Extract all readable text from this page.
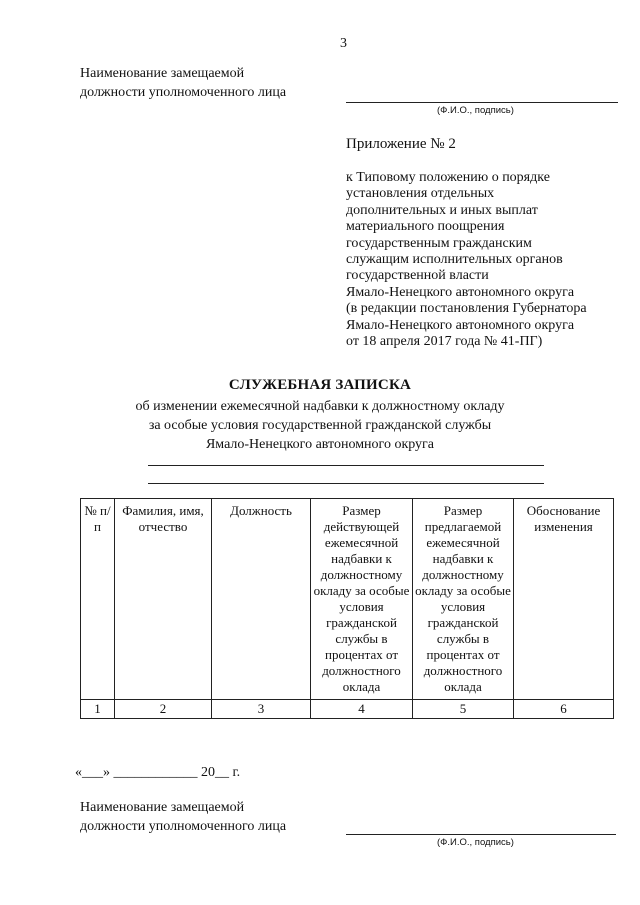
3
Наименование замещаемой
должности уполномоченного лица
(Ф.И.О., подпись)
Приложение № 2
к Типовому положению о порядке
установления отдельных
дополнительных и иных выплат
материального поощрения
государственным гражданским
служащим исполнительных органов
государственной власти
Ямало-Ненецкого автономного округа
(в редакции постановления Губернатора
Ямало-Ненецкого автономного округа
от 18 апреля 2017 года № 41-ПГ)
СЛУЖЕБНАЯ ЗАПИСКА
об изменении ежемесячной надбавки к должностному окладу
за особые условия государственной гражданской службы
Ямало-Ненецкого автономного округа
№ п/п	Фамилия, имя, отчество	Должность	Размер действующей ежемесячной надбавки к должностному окладу за особые условия гражданской службы в процентах от должностного оклада	Размер предлагаемой ежемесячной надбавки к должностному окладу за особые условия гражданской службы в процентах от должностного оклада	Обоснование изменения
1	2	3	4	5	6
«___» ____________ 20__ г.
Наименование замещаемой
должности уполномоченного лица
(Ф.И.О., подпись)
